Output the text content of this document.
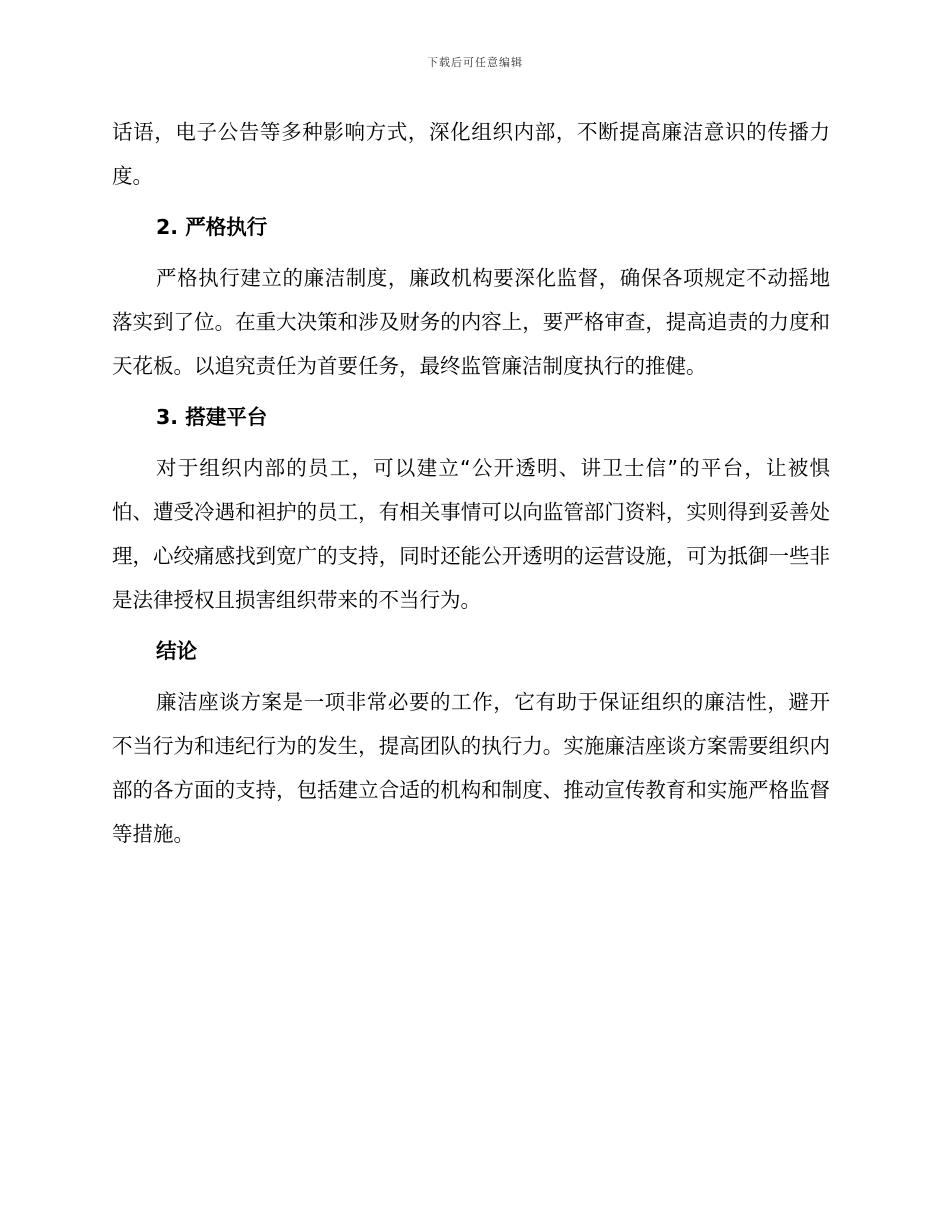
下载后可任意编辑

话语，电子公告等多种影响方式，深化组织内部，不断提高廉洁意识的传播力度。

2. 严格执行

严格执行建立的廉洁制度，廉政机构要深化监督，确保各项规定不动摇地落实到了位。在重大决策和涉及财务的内容上，要严格审查，提高追责的力度和天花板。以追究责任为首要任务，最终监管廉洁制度执行的推健。

3. 搭建平台

对于组织内部的员工，可以建立“公开透明、讲卫士信”的平台，让被惧怕、遭受冷遇和袒护的员工，有相关事情可以向监管部门资料，实则得到妥善处理，心绞痛感找到宽广的支持，同时还能公开透明的运营设施，可为抵御一些非是法律授权且损害组织带来的不当行为。

结论

廉洁座谈方案是一项非常必要的工作，它有助于保证组织的廉洁性，避开不当行为和违纪行为的发生，提高团队的执行力。实施廉洁座谈方案需要组织内部的各方面的支持，包括建立合适的机构和制度、推动宣传教育和实施严格监督等措施。
